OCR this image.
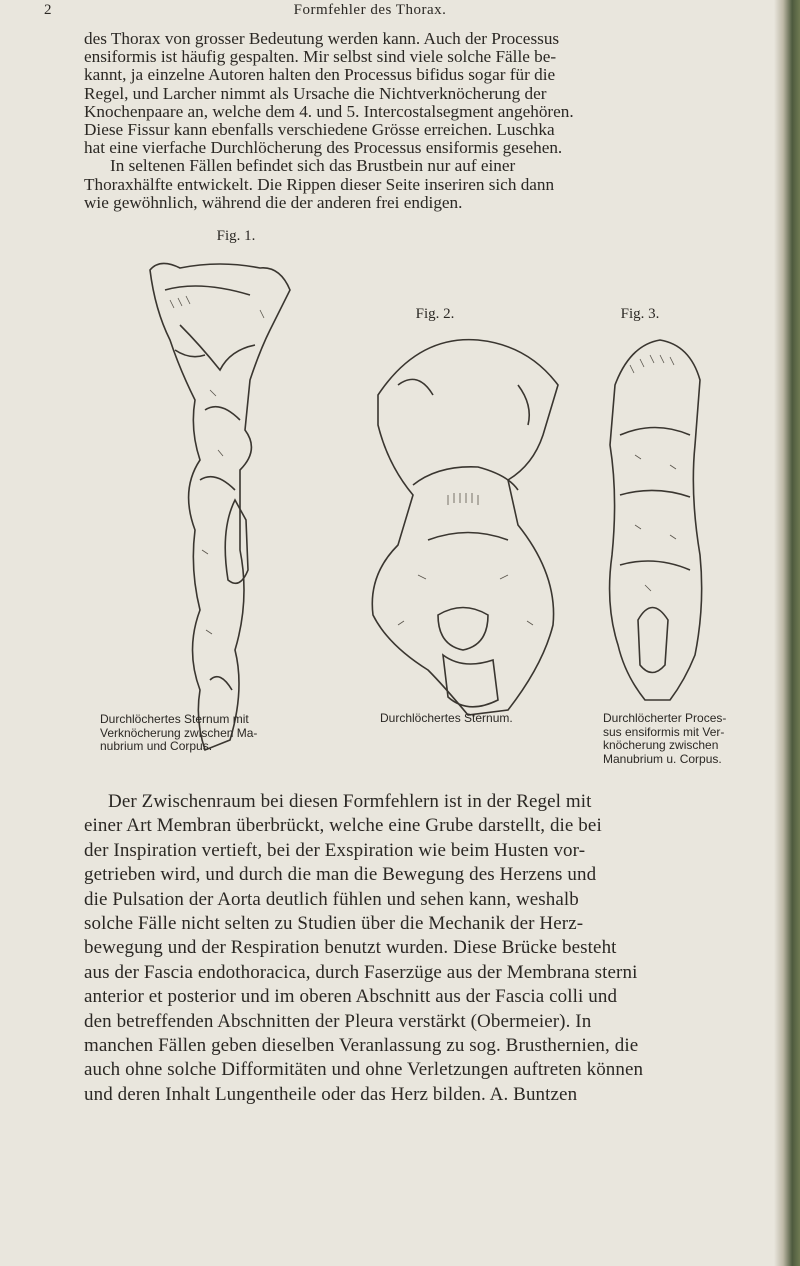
2	Formfehler des Thorax.

des Thorax von grosser Bedeutung werden kann. Auch der Processus

ensiformis ist häufig gespalten. Mir selbst sind viele solche Fälle be-

kannt, ja einzelne Autoren halten den Processus bifidus sogar für die

Regel, und Larcher nimmt als Ursache die Nichtverknöcherung der

Knochenpaare an, welche dem 4. und 5. Intercostalsegment angehören.

Diese Fissur kann ebenfalls verschiedene Grösse erreichen. Luschka

hat eine vierfache Durchlöcherung des Processus ensiformis gesehen.

In seltenen Fällen befindet sich das Brustbein nur auf einer

Thoraxhälfte entwickelt. Die Rippen dieser Seite inseriren sich dann

wie gewöhnlich, während die der anderen frei endigen.

Fig. 1.
Durchlöchertes Sternum mit
Verknöcherung zwischen Ma-
nubrium und Corpus.
Fig. 2.
Durchlöchertes Sternum.
Fig. 3.
Durchlöcherter Proces-
sus ensiformis mit Ver-
knöcherung zwischen
Manubrium u. Corpus.

Der Zwischenraum bei diesen Formfehlern ist in der Regel mit

einer Art Membran überbrückt, welche eine Grube darstellt, die bei
der Inspiration vertieft, bei der Exspiration wie beim Husten vor-
getrieben wird, und durch die man die Bewegung des Herzens und
die Pulsation der Aorta deutlich fühlen und sehen kann, weshalb
solche Fälle nicht selten zu Studien über die Mechanik der Herz-
bewegung und der Respiration benutzt wurden. Diese Brücke besteht
aus der Fascia endothoracica, durch Faserzüge aus der Membrana sterni
anterior et posterior und im oberen Abschnitt aus der Fascia colli und
den betreffenden Abschnitten der Pleura verstärkt (Obermeier). In
manchen Fällen geben dieselben Veranlassung zu sog. Brusthernien, die
auch ohne solche Difformitäten und ohne Verletzungen auftreten können
und deren Inhalt Lungentheile oder das Herz bilden. A. Buntzen
